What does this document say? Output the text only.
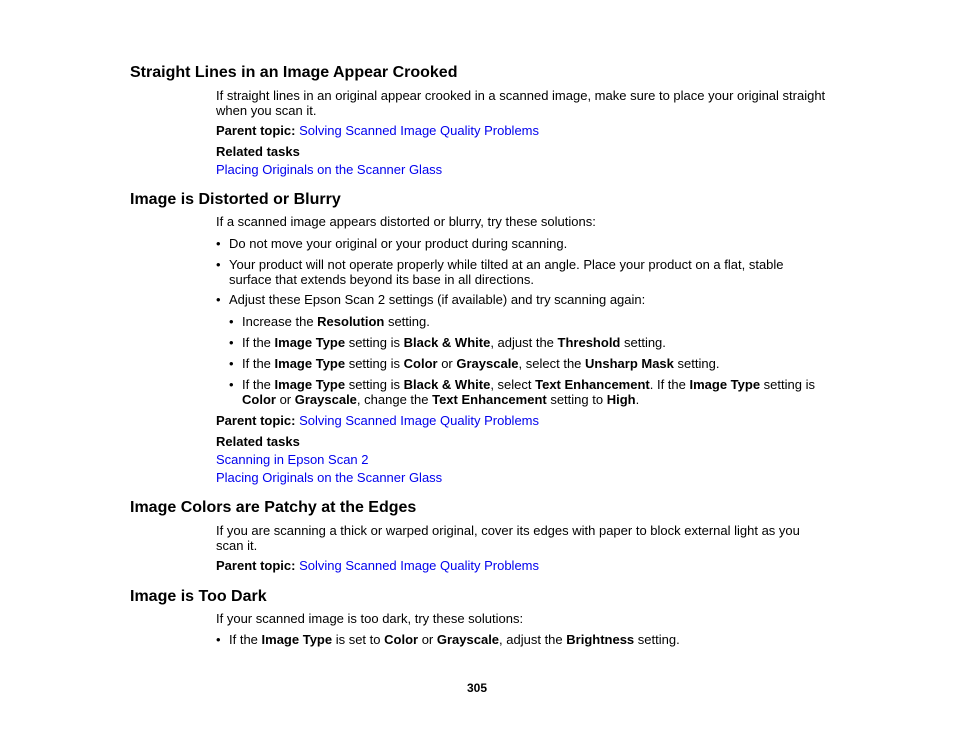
Straight Lines in an Image Appear Crooked

If straight lines in an original appear crooked in a scanned image, make sure to place your original straight when you scan it.

Parent topic: Solving Scanned Image Quality Problems
Related tasks
Placing Originals on the Scanner Glass
Image is Distorted or Blurry

If a scanned image appears distorted or blurry, try these solutions:

• Do not move your original or your product during scanning.
• Your product will not operate properly while tilted at an angle. Place your product on a flat, stable surface that extends beyond its base in all directions.
• Adjust these Epson Scan 2 settings (if available) and try scanning again:
• Increase the Resolution setting.
• If the Image Type setting is Black & White, adjust the Threshold setting.
• If the Image Type setting is Color or Grayscale, select the Unsharp Mask setting.
• If the Image Type setting is Black & White, select Text Enhancement. If the Image Type setting is Color or Grayscale, change the Text Enhancement setting to High.
Parent topic: Solving Scanned Image Quality Problems
Related tasks
Scanning in Epson Scan 2
Placing Originals on the Scanner Glass
Image Colors are Patchy at the Edges

If you are scanning a thick or warped original, cover its edges with paper to block external light as you scan it.

Parent topic: Solving Scanned Image Quality Problems
Image is Too Dark

If your scanned image is too dark, try these solutions:

• If the Image Type is set to Color or Grayscale, adjust the Brightness setting.
305
